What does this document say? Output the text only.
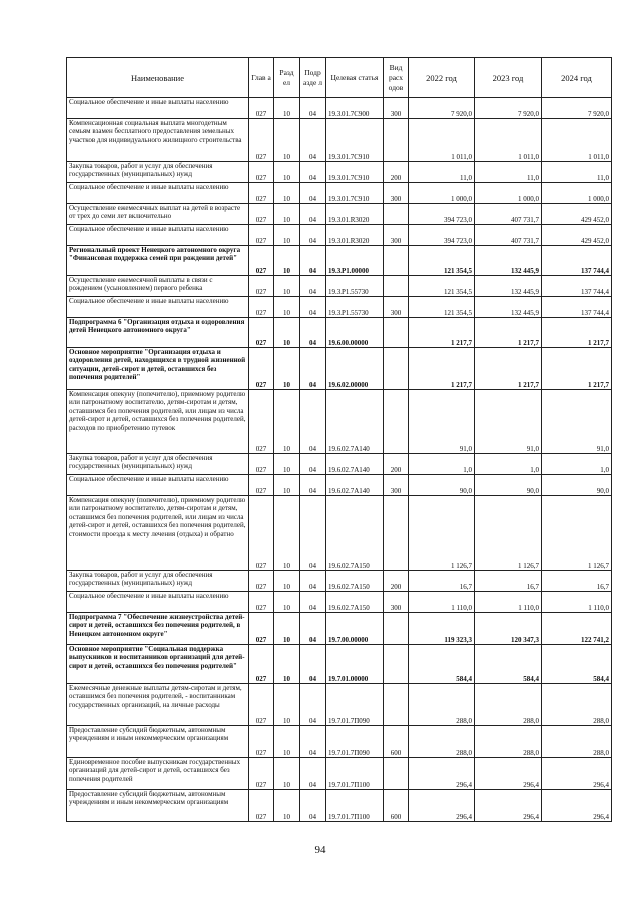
Наименование	Глав а	Разд ел	Подр азде л	Целевая статья	Вид расх одов	2022 год	2023 год	2024 год
Социальное обеспечение и иные выплаты населению	027	10	04	19.3.01.7С900	300	7 920,0	7 920,0	7 920,0
Компенсационная социальная выплата многодетным семьям взамен бесплатного предоставления земельных участков для индивидуального жилищного строительства	027	10	04	19.3.01.7С910		1 011,0	1 011,0	1 011,0
Закупка товаров, работ и услуг для обеспечения государственных (муниципальных) нужд	027	10	04	19.3.01.7С910	200	11,0	11,0	11,0
Социальное обеспечение и иные выплаты населению	027	10	04	19.3.01.7С910	300	1 000,0	1 000,0	1 000,0
Осуществление ежемесячных выплат на детей в возрасте от трех до семи лет включительно	027	10	04	19.3.01.R3020		394 723,0	407 731,7	429 452,0
Социальное обеспечение и иные выплаты населению	027	10	04	19.3.01.R3020	300	394 723,0	407 731,7	429 452,0
Региональный проект Ненецкого автономного округа "Финансовая поддержка семей при рождении детей"	027	10	04	19.3.Р1.00000		121 354,5	132 445,9	137 744,4
Осуществление ежемесячной выплаты в связи с рождением (усыновлением) первого ребенка	027	10	04	19.3.Р1.55730		121 354,5	132 445,9	137 744,4
Социальное обеспечение и иные выплаты населению	027	10	04	19.3.Р1.55730	300	121 354,5	132 445,9	137 744,4
Подпрограмма 6 "Организация отдыха и оздоровления детей Ненецкого автономного округа"	027	10	04	19.6.00.00000		1 217,7	1 217,7	1 217,7
Основное мероприятие "Организация отдыха и оздоровления детей, находящихся в трудной жизненной ситуации, детей-сирот и детей, оставшихся без попечения родителей"	027	10	04	19.6.02.00000		1 217,7	1 217,7	1 217,7
Компенсация опекуну (попечителю), приемному родителю или патронатному воспитателю, детям-сиротам и детям, оставшимся без попечения родителей, или лицам из числа детей-сирот и детей, оставшихся без попечения родителей, расходов по приобретению путевок	027	10	04	19.6.02.7А140		91,0	91,0	91,0
Закупка товаров, работ и услуг для обеспечения государственных (муниципальных) нужд	027	10	04	19.6.02.7А140	200	1,0	1,0	1,0
Социальное обеспечение и иные выплаты населению	027	10	04	19.6.02.7А140	300	90,0	90,0	90,0
Компенсация опекуну (попечителю), приемному родителю или патронатному воспитателю, детям-сиротам и детям, оставшимся без попечения родителей, или лицам из числа детей-сирот и детей, оставшихся без попечения родителей, стоимости проезда к месту лечения (отдыха) и обратно	027	10	04	19.6.02.7А150		1 126,7	1 126,7	1 126,7
Закупка товаров, работ и услуг для обеспечения государственных (муниципальных) нужд	027	10	04	19.6.02.7А150	200	16,7	16,7	16,7
Социальное обеспечение и иные выплаты населению	027	10	04	19.6.02.7А150	300	1 110,0	1 110,0	1 110,0
Подпрограмма 7 "Обеспечение жизнеустройства детей-сирот и детей, оставшихся без попечения родителей, в Ненецком автономном округе"	027	10	04	19.7.00.00000		119 323,3	120 347,3	122 741,2
Основное мероприятие "Социальная поддержка выпускников и воспитанников организаций для детей-сирот и детей, оставшихся без попечения родителей"	027	10	04	19.7.01.00000		584,4	584,4	584,4
Ежемесячные денежные выплаты детям-сиротам и детям, оставшимся без попечения родителей, - воспитанникам государственных организаций, на личные расходы	027	10	04	19.7.01.7П090		288,0	288,0	288,0
Предоставление субсидий бюджетным, автономным учреждениям и иным некоммерческим организациям	027	10	04	19.7.01.7П090	600	288,0	288,0	288,0
Единовременное пособие выпускникам государственных организаций для детей-сирот и детей, оставшихся без попечения родителей	027	10	04	19.7.01.7П100		296,4	296,4	296,4
Предоставление субсидий бюджетным, автономным учреждениям и иным некоммерческим организациям	027	10	04	19.7.01.7П100	600	296,4	296,4	296,4
94
